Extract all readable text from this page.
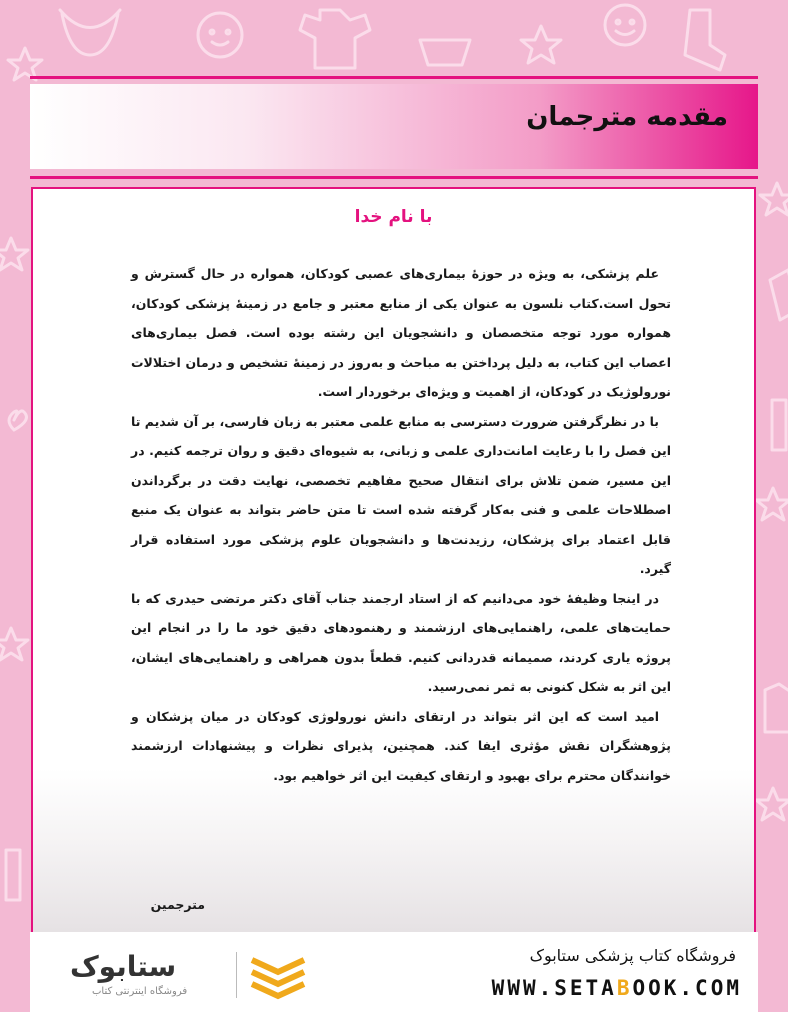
مقدمه مترجمان
با نام خدا

علم پزشکی، به ویژه در حوزهٔ بیماری‌های عصبی کودکان، همواره در حال گسترش و تحول است.کتاب نلسون به عنوان یکی از منابع معتبر و جامع در زمینهٔ پزشکی کودکان، همواره مورد توجه متخصصان و دانشجویان این رشته بوده است. فصل بیماری‌های اعصاب این کتاب، به دلیل پرداختن به مباحث و به‌روز در زمینهٔ تشخیص و درمان اختلالات نورولوژیک در کودکان، از اهمیت و ویژه‌ای برخوردار است.

با در نظرگرفتن ضرورت دسترسی به منابع علمی معتبر به زبان فارسی، بر آن شدیم تا این فصل را با رعایت امانت‌داری علمی و زبانی، به شیوه‌ای دقیق و روان ترجمه کنیم. در این مسیر، ضمن تلاش برای انتقال صحیح مفاهیم تخصصی، نهایت دقت در برگرداندن اصطلاحات علمی و فنی به‌کار گرفته شده است تا متن حاضر بتواند به عنوان یک منبع قابل اعتماد برای پزشکان، رزیدنت‌ها و دانشجویان علوم پزشکی مورد استفاده قرار گیرد.

در اینجا وظیفهٔ خود می‌دانیم که از استاد ارجمند جناب آقای دکتر مرتضی حیدری که با حمایت‌های علمی، راهنمایی‌های ارزشمند و رهنمودهای دقیق خود ما را در انجام این پروژه یاری کردند، صمیمانه قدردانی کنیم. قطعاً بدون همراهی و راهنمایی‌های ایشان، این اثر به شکل کنونی به ثمر نمی‌رسید.

امید است که این اثر بتواند در ارتقای دانش نورولوژی کودکان در میان پزشکان و پژوهشگران نقش مؤثری ایفا کند. همچنین، پذیرای نظرات و پیشنهادات ارزشمند خوانندگان محترم برای بهبود و ارتقای کیفیت این اثر خواهیم بود.

مترجمین
ستابوک
فروشگاه اینترنتی کتاب
فروشگاه کتاب پزشکی ستابوک
WWW.SETABOOK.COM
